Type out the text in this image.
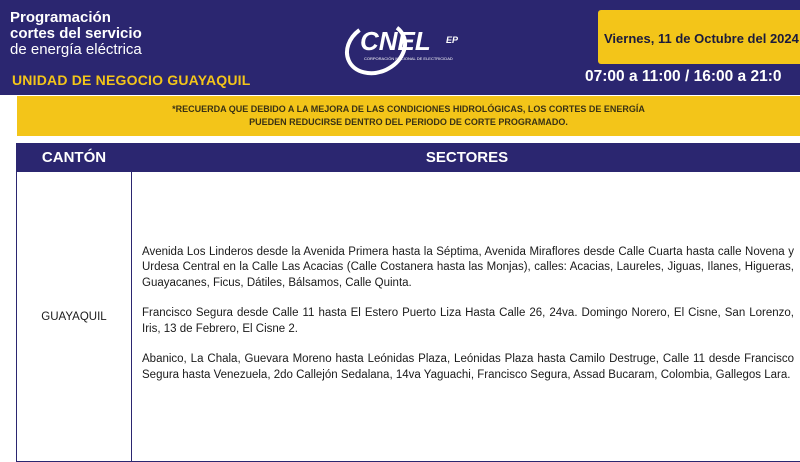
Programación
cortes del servicio
de energía eléctrica
UNIDAD DE NEGOCIO GUAYAQUIL
CNEL EP
CORPORACIÓN NACIONAL DE ELECTRICIDAD
Viernes, 11 de Octubre del 2024
07:00 a 11:00 / 16:00 a 21:0
*RECUERDA QUE DEBIDO A LA MEJORA DE LAS CONDICIONES HIDROLÓGICAS, LOS CORTES DE ENERGÍA
PUEDEN REDUCIRSE DENTRO DEL PERIODO DE CORTE PROGRAMADO.
CANTÓN	SECTORES
GUAYAQUIL	Avenida Los Linderos desde la Avenida Primera hasta la Séptima, Avenida Miraflores desde Calle Cuarta hasta calle Novena y Urdesa Central en la Calle Las Acacias (Calle Costanera hasta las Monjas), calles: Acacias, Laureles, Jiguas, Ilanes, Higueras, Guayacanes, Ficus, Dátiles, Bálsamos, Calle Quinta.

Francisco Segura desde Calle 11 hasta El Estero Puerto Liza Hasta Calle 26, 24va. Domingo Norero, El Cisne, San Lorenzo, Iris, 13 de Febrero, El Cisne 2.

Abanico, La Chala, Guevara Moreno hasta Leónidas Plaza, Leónidas Plaza hasta Camilo Destruge, Calle 11 desde Francisco Segura hasta Venezuela, 2do Callejón Sedalana, 14va Yaguachi, Francisco Segura, Assad Bucaram, Colombia, Gallegos Lara.
